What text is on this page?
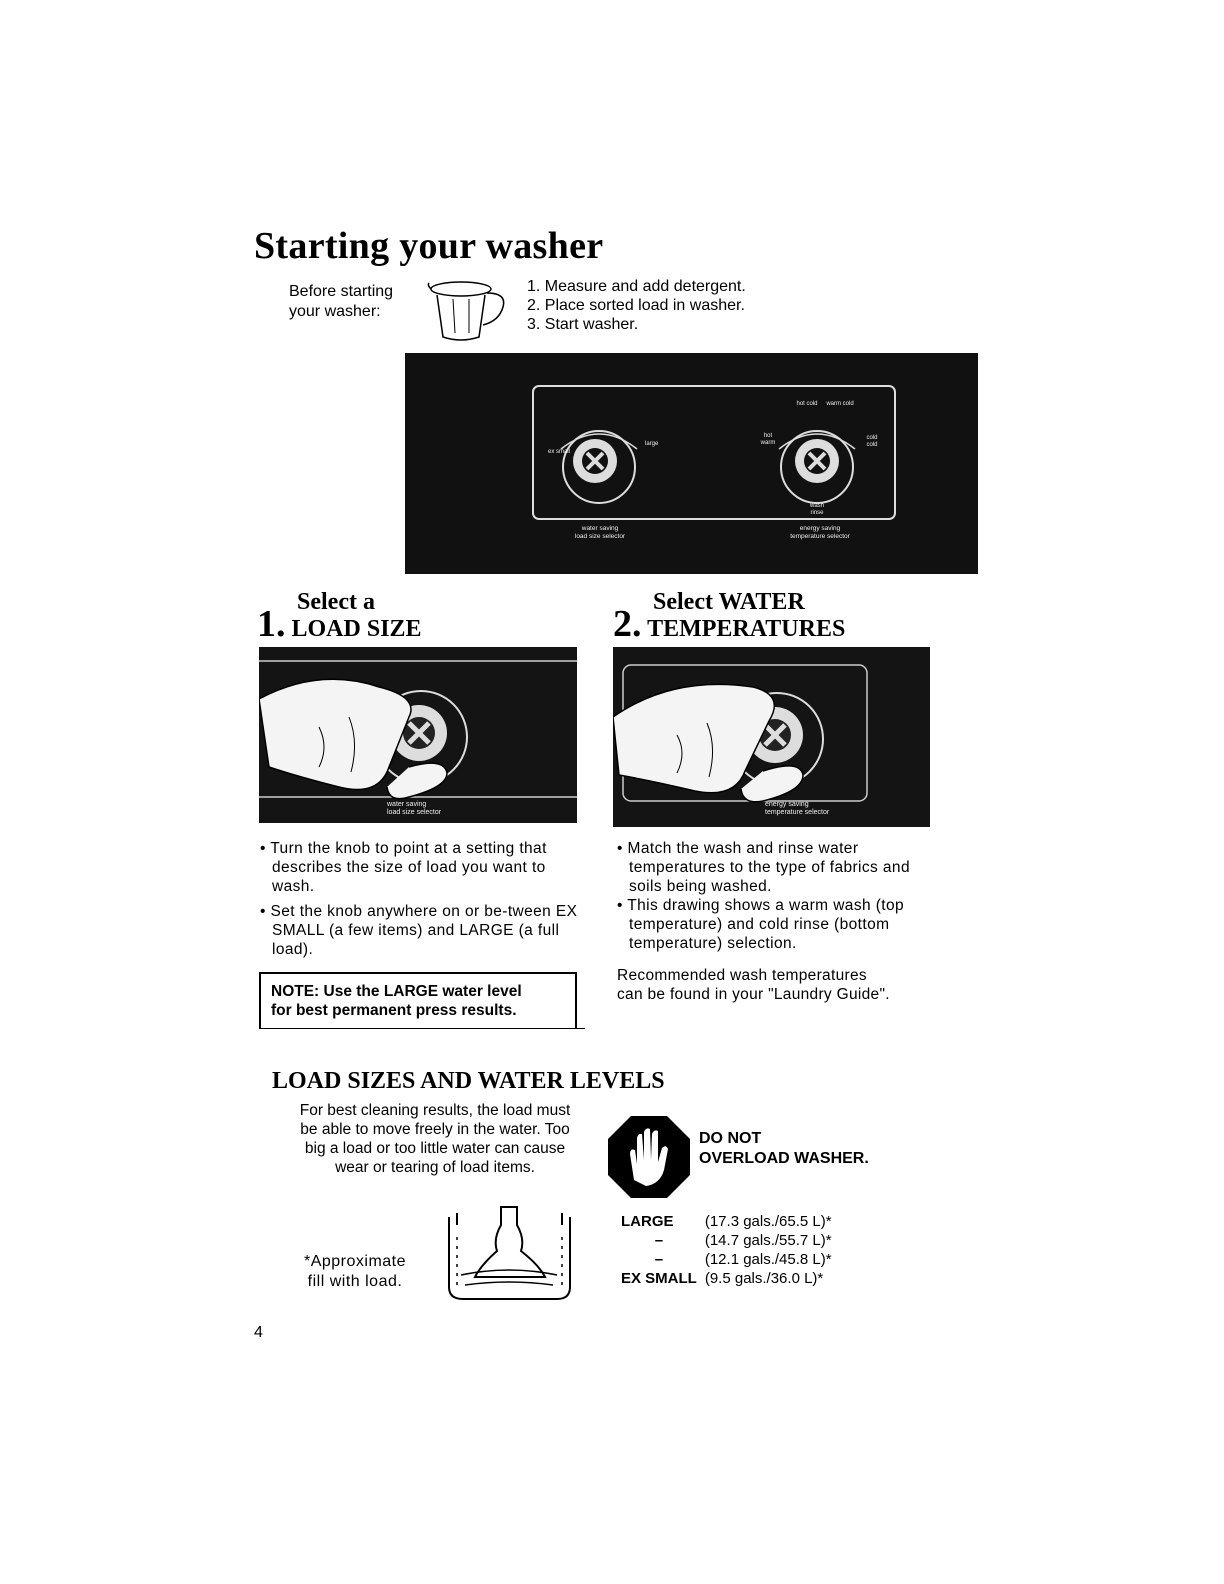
Starting your washer
Before starting
your washer:
1. Measure and add detergent.
2. Place sorted load in washer.
3. Start washer.
ex small
large
hot cold warm cold
hot warm
cold cold
wash rinse
water saving
load size selector
energy saving
temperature selector
Select a
1. LOAD SIZE
Select WATER
2. TEMPERATURES
water saving
load size selector
energy saving
temperature selector

• Turn the knob to point at a setting that describes the size of load you want to wash.

• Set the knob anywhere on or be-tween EX SMALL (a few items) and LARGE (a full load).

NOTE: Use the LARGE water level
for best permanent press results.

• Match the wash and rinse water temperatures to the type of fabrics and soils being washed.

• This drawing shows a warm wash (top temperature) and cold rinse (bottom temperature) selection.

Recommended wash temperatures
can be found in your "Laundry Guide".
LOAD SIZES AND WATER LEVELS
For best cleaning results, the load must be able to move freely in the water. Too big a load or too little water can cause wear or tearing of load items.
DO NOT
OVERLOAD WASHER.
*Approximate
fill with load.
LARGE	(17.3 gals./65.5 L)*
–	(14.7 gals./55.7 L)*
–	(12.1 gals./45.8 L)*
EX SMALL	(9.5 gals./36.0 L)*
4
